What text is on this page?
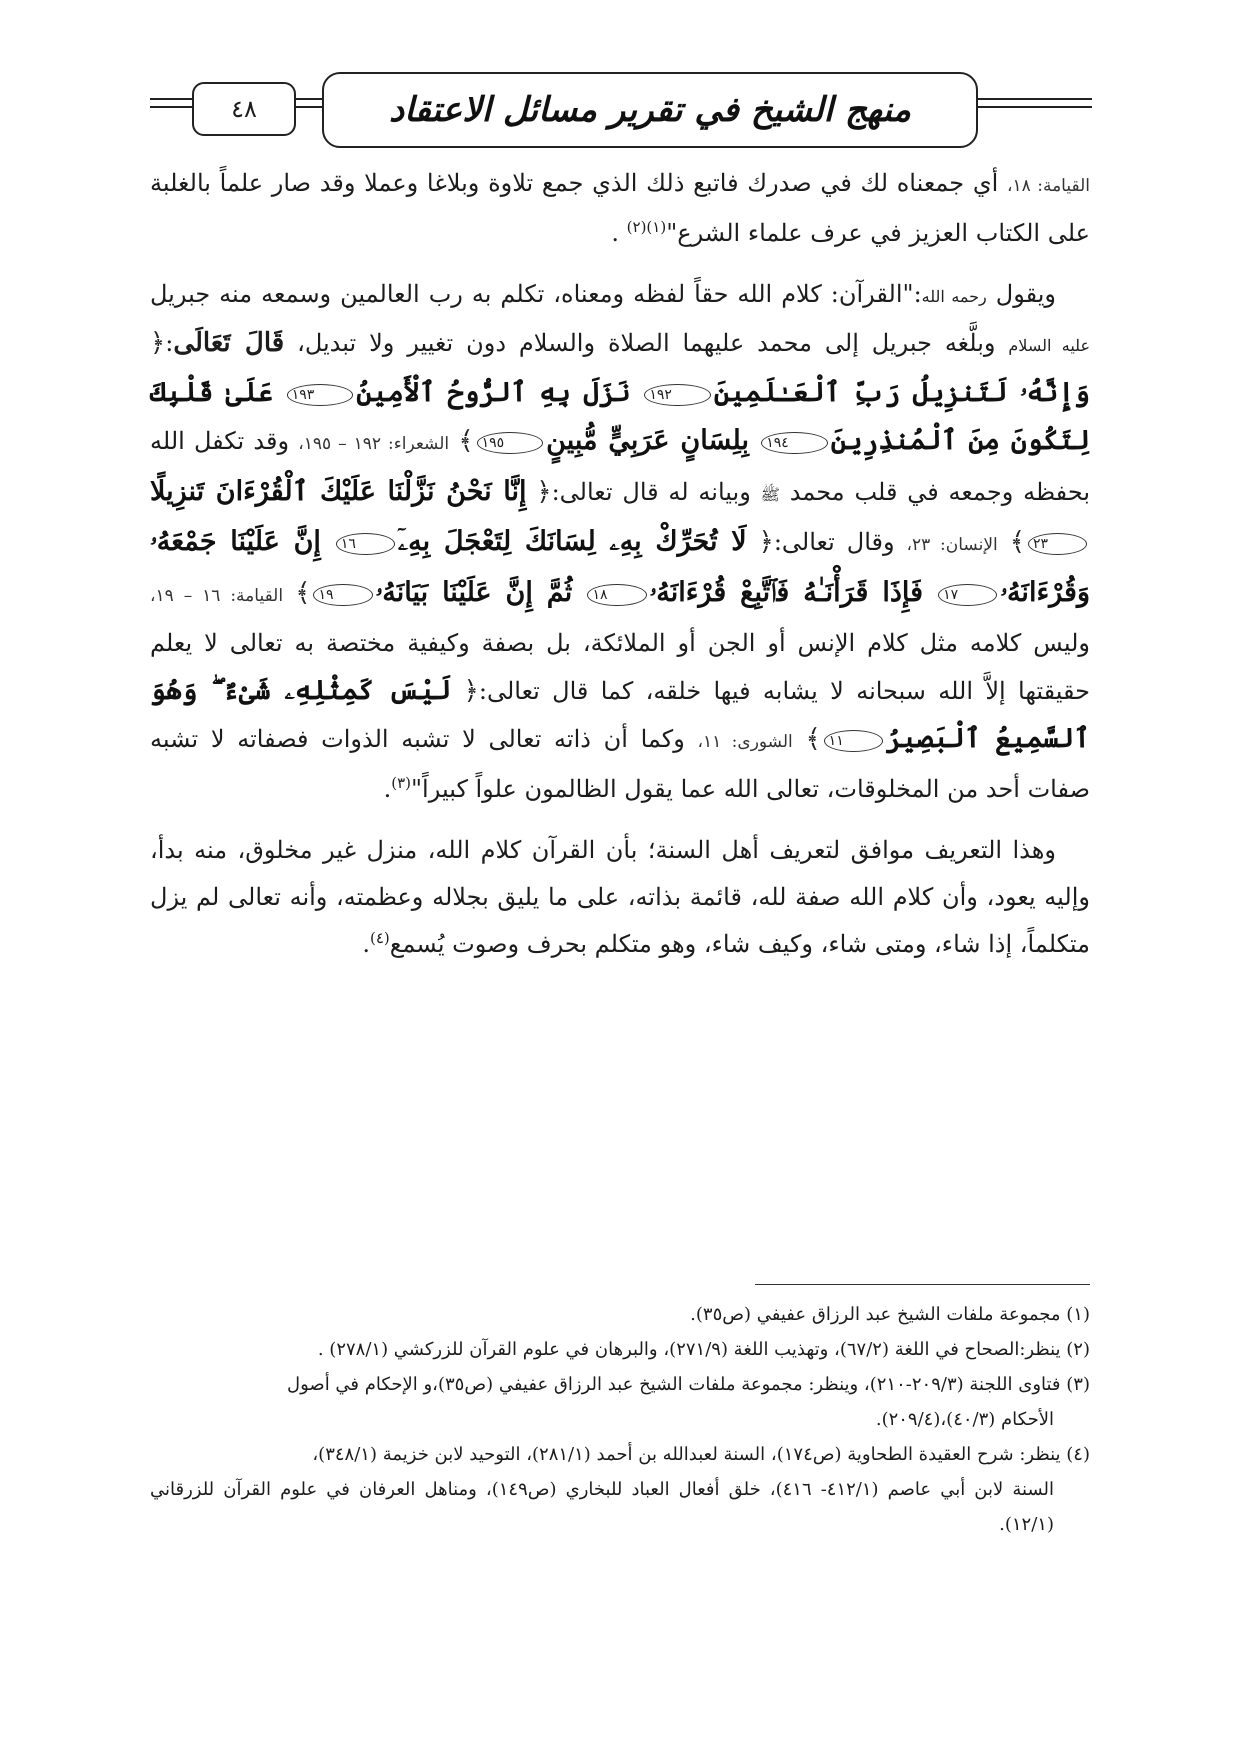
منهج الشيخ في تقرير مسائل الاعتقاد
٤٨

القيامة: ١٨، أي جمعناه لك في صدرك فاتبع ذلك الذي جمع تلاوة وبلاغا وعملا وقد صار علماً بالغلبة على الكتاب العزيز في عرف علماء الشرع"$^{(١)(٢)}$ .

ويقول رحمه الله:"القرآن: كلام الله حقاً لفظه ومعناه، تكلم به رب العالمين وسمعه منه جبريل عليه السلام وبلَّغه جبريل إلى محمد عليهما الصلاة والسلام دون تغيير ولا تبديل، قَالَ تَعَالَى:﴿ وَإِنَّهُۥ لَتَنزِيلُ رَبِّ ٱلْعَـٰلَمِينَ١٩٢ نَزَلَ بِهِ ٱلرُّوحُ ٱلْأَمِينُ١٩٣ عَلَىٰ قَلْبِكَ لِتَكُونَ مِنَ ٱلْمُنذِرِينَ١٩٤ بِلِسَانٍ عَرَبِيٍّ مُّبِينٍ١٩٥﴾ الشعراء: ١٩٢ – ١٩٥، وقد تكفل الله بحفظه وجمعه في قلب محمد ﷺ وبيانه له قال تعالى:﴿ إِنَّا نَحْنُ نَزَّلْنَا عَلَيْكَ ٱلْقُرْءَانَ تَنزِيلًا٢٣﴾ الإنسان: ٢٣، وقال تعالى:﴿ لَا تُحَرِّكْ بِهِۦ لِسَانَكَ لِتَعْجَلَ بِهِۦٓ١٦ إِنَّ عَلَيْنَا جَمْعَهُۥ وَقُرْءَانَهُۥ١٧ فَإِذَا قَرَأْنَـٰهُ فَٱتَّبِعْ قُرْءَانَهُۥ١٨ ثُمَّ إِنَّ عَلَيْنَا بَيَانَهُۥ١٩﴾ القيامة: ١٦ – ١٩، وليس كلامه مثل كلام الإنس أو الجن أو الملائكة، بل بصفة وكيفية مختصة به تعالى لا يعلم حقيقتها إلاَّ الله سبحانه لا يشابه فيها خلقه، كما قال تعالى:﴿ لَيْسَ كَمِثْلِهِۦ شَىْءٌ ۖ وَهُوَ ٱلسَّمِيعُ ٱلْبَصِيرُ١١﴾ الشورى: ١١، وكما أن ذاته تعالى لا تشبه الذوات فصفاته لا تشبه صفات أحد من المخلوقات، تعالى الله عما يقول الظالمون علواً كبيراً"$^{(٣)}$.

وهذا التعريف موافق لتعريف أهل السنة؛ بأن القرآن كلام الله، منزل غير مخلوق، منه بدأ، وإليه يعود، وأن كلام الله صفة لله، قائمة بذاته، على ما يليق بجلاله وعظمته، وأنه تعالى لم يزل متكلماً، إذا شاء، ومتى شاء، وكيف شاء، وهو متكلم بحرف وصوت يُسمع$^{(٤)}$.

(١) مجموعة ملفات الشيخ عبد الرزاق عفيفي (ص٣٥).

(٢) ينظر:الصحاح في اللغة (٦٧/٢)، وتهذيب اللغة (٢٧١/٩)، والبرهان في علوم القرآن للزركشي (٢٧٨/١) .

(٣) فتاوى اللجنة (٢٠٩/٣-٢١٠)، وينظر: مجموعة ملفات الشيخ عبد الرزاق عفيفي (ص٣٥)،و الإحكام في أصول

الأحكام (٤٠/٣)،(٢٠٩/٤).

(٤) ينظر: شرح العقيدة الطحاوية (ص١٧٤)، السنة لعبدالله بن أحمد (٢٨١/١)، التوحيد لابن خزيمة (٣٤٨/١)،

السنة لابن أبي عاصم (٤١٢/١- ٤١٦)، خلق أفعال العباد للبخاري (ص١٤٩)، ومناهل العرفان في علوم القرآن للزرقاني (١٢/١).
